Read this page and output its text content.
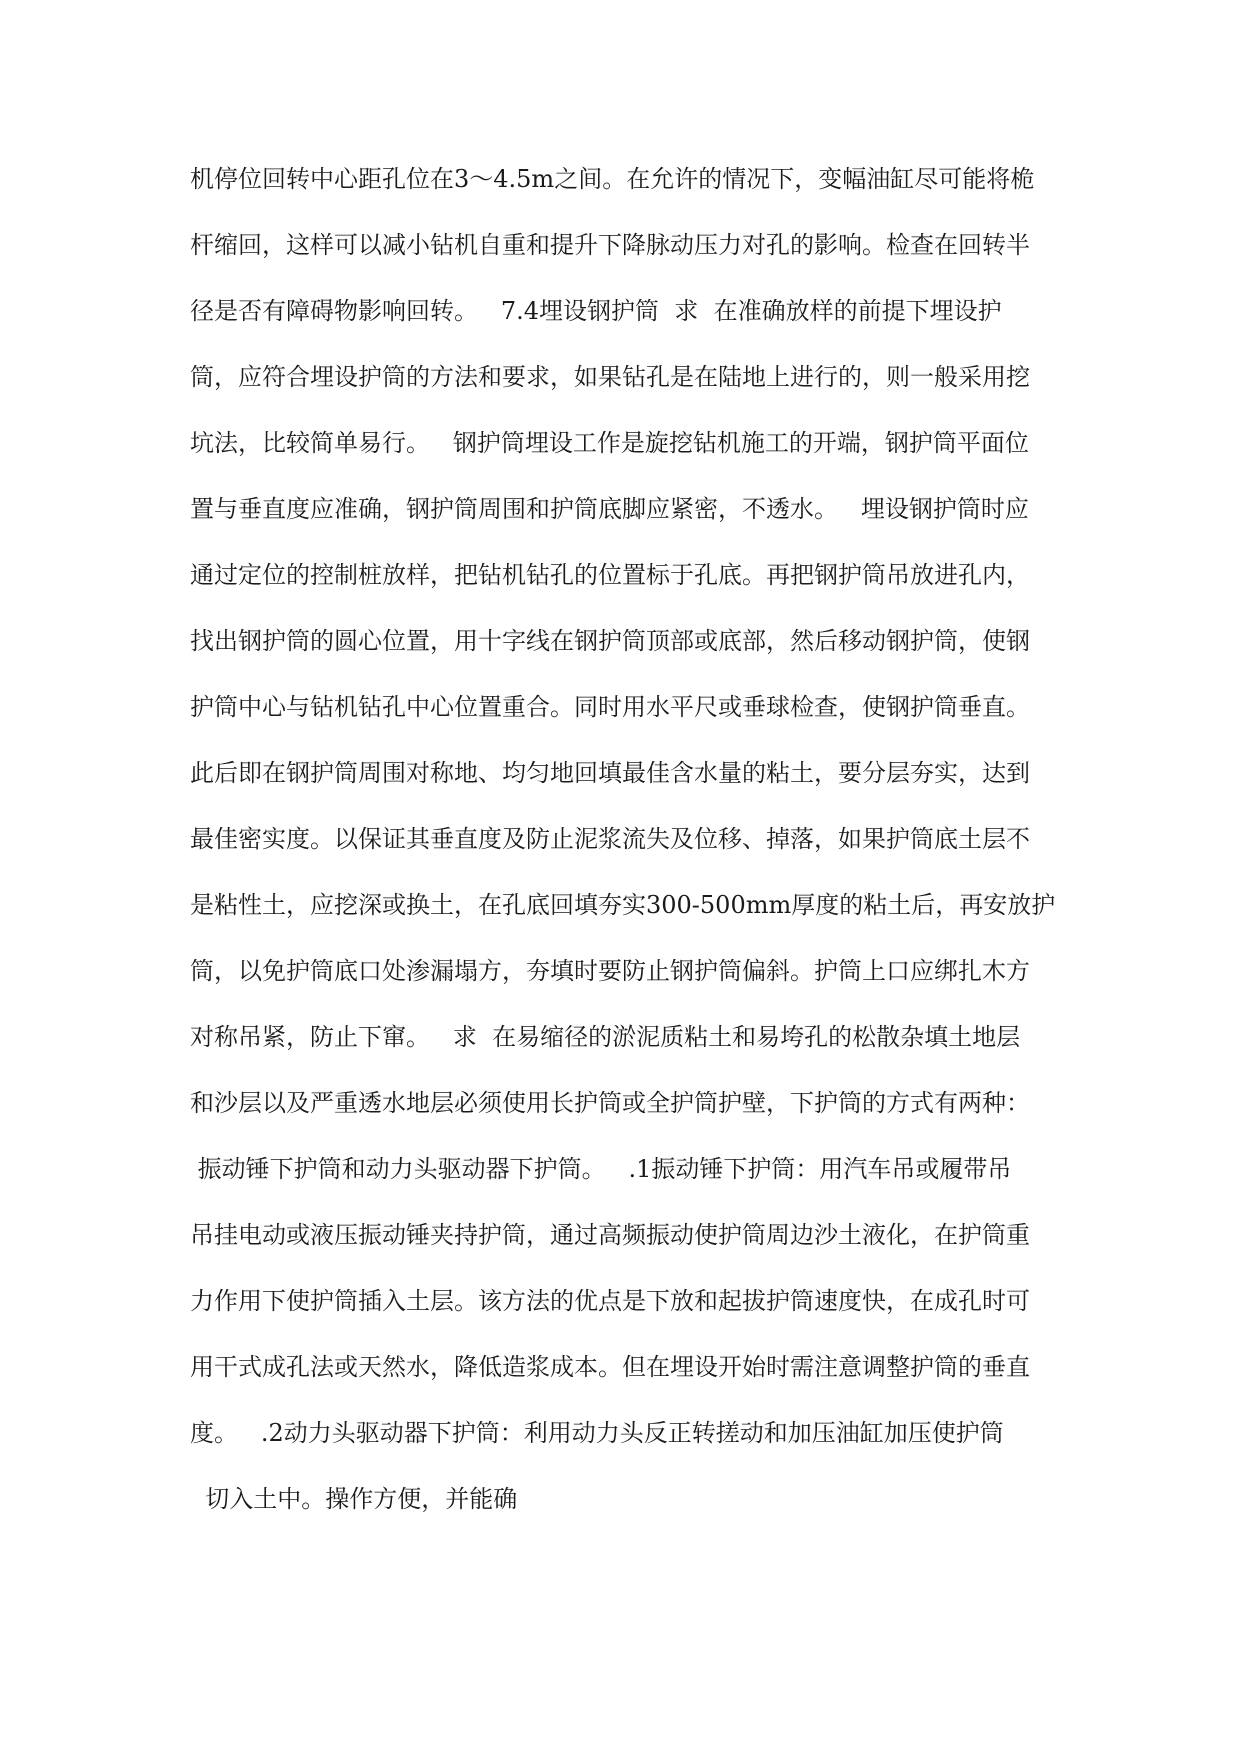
机停位回转中心距孔位在3～4.5m之间。在允许的情况下，变幅油缸尽可能将桅
杆缩回，这样可以减小钻机自重和提升下降脉动压力对孔的影响。检查在回转半
径是否有障碍物影响回转。   7.4埋设钢护筒  求  在准确放样的前提下埋设护
筒，应符合埋设护筒的方法和要求，如果钻孔是在陆地上进行的，则一般采用挖
坑法，比较简单易行。   钢护筒埋设工作是旋挖钻机施工的开端，钢护筒平面位
置与垂直度应准确，钢护筒周围和护筒底脚应紧密，不透水。   埋设钢护筒时应
通过定位的控制桩放样，把钻机钻孔的位置标于孔底。再把钢护筒吊放进孔内，
找出钢护筒的圆心位置，用十字线在钢护筒顶部或底部，然后移动钢护筒，使钢
护筒中心与钻机钻孔中心位置重合。同时用水平尺或垂球检查，使钢护筒垂直。
此后即在钢护筒周围对称地、均匀地回填最佳含水量的粘土，要分层夯实，达到
最佳密实度。以保证其垂直度及防止泥浆流失及位移、掉落，如果护筒底土层不
是粘性土，应挖深或换土，在孔底回填夯实300-500mm厚度的粘土后，再安放护
筒，以免护筒底口处渗漏塌方，夯填时要防止钢护筒偏斜。护筒上口应绑扎木方
对称吊紧，防止下窜。   求  在易缩径的淤泥质粘土和易垮孔的松散杂填土地层
和沙层以及严重透水地层必须使用长护筒或全护筒护壁，下护筒的方式有两种：
振动锤下护筒和动力头驱动器下护筒。   .1振动锤下护筒：用汽车吊或履带吊
吊挂电动或液压振动锤夹持护筒，通过高频振动使护筒周边沙土液化，在护筒重
力作用下使护筒插入土层。该方法的优点是下放和起拔护筒速度快，在成孔时可
用干式成孔法或天然水，降低造浆成本。但在埋设开始时需注意调整护筒的垂直
度。   .2动力头驱动器下护筒：利用动力头反正转搓动和加压油缸加压使护筒
切入土中。操作方便，并能确
